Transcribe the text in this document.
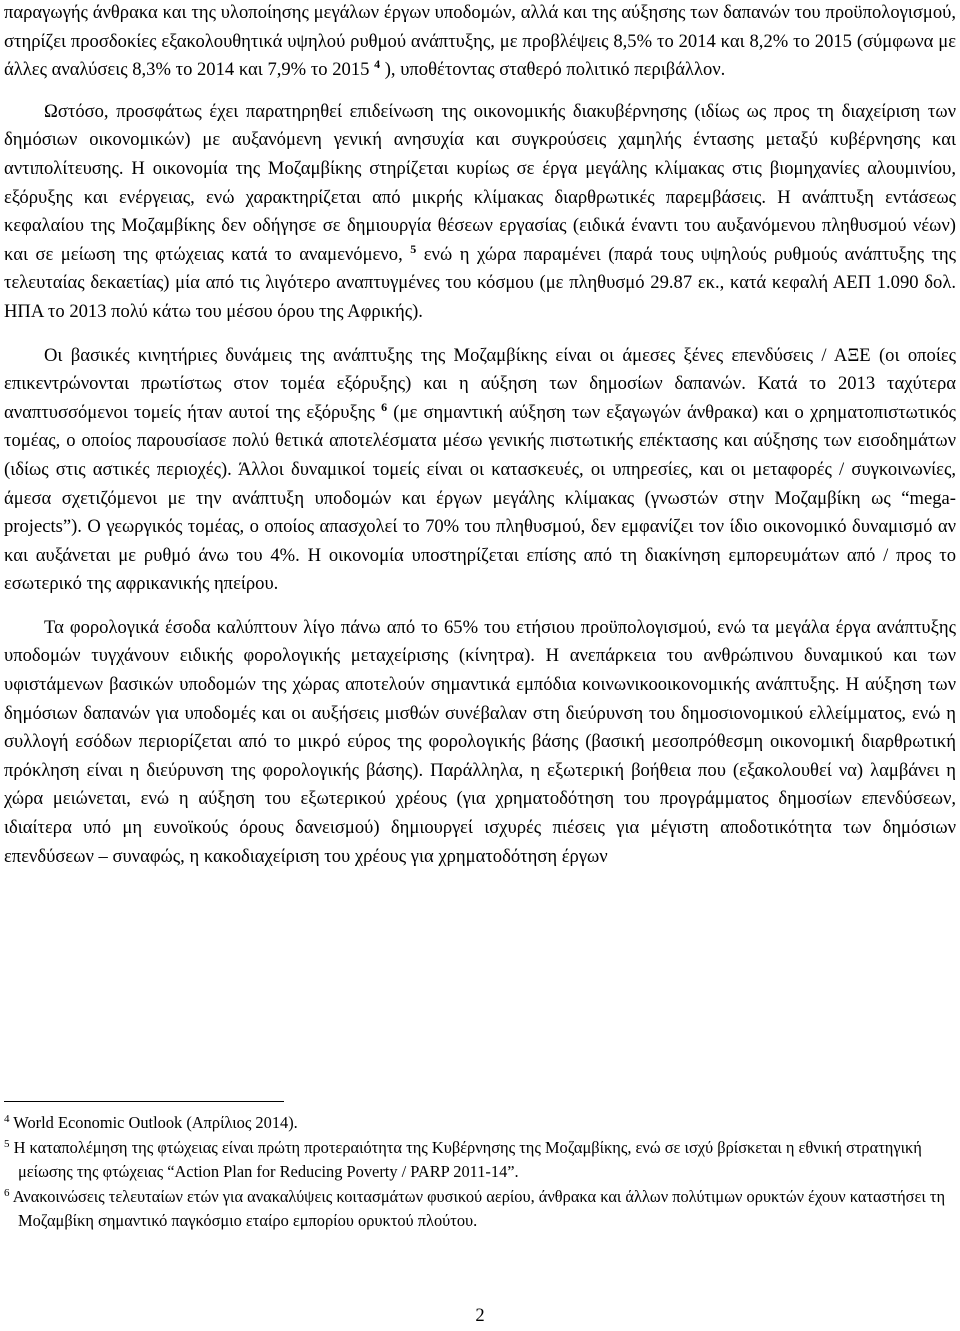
παραγωγής άνθρακα και της υλοποίησης μεγάλων έργων υποδομών, αλλά και της αύξησης των δαπανών του προϋπολογισμού, στηρίζει προσδοκίες εξακολουθητικά υψηλού ρυθμού ανάπτυξης, με προβλέψεις 8,5% το 2014 και 8,2% το 2015 (σύμφωνα με άλλες αναλύσεις 8,3% το 2014 και 7,9% το 2015 $^4$ ), υποθέτοντας σταθερό πολιτικό περιβάλλον.

Ωστόσο, προσφάτως έχει παρατηρηθεί επιδείνωση της οικονομικής διακυβέρνησης (ιδίως ως προς τη διαχείριση των δημόσιων οικονομικών) με αυξανόμενη γενική ανησυχία και συγκρούσεις χαμηλής έντασης μεταξύ κυβέρνησης και αντιπολίτευσης. Η οικονομία της Μοζαμβίκης στηρίζεται κυρίως σε έργα μεγάλης κλίμακας στις βιομηχανίες αλουμινίου, εξόρυξης και ενέργειας, ενώ χαρακτηρίζεται από μικρής κλίμακας διαρθρωτικές παρεμβάσεις. Η ανάπτυξη εντάσεως κεφαλαίου της Μοζαμβίκης δεν οδήγησε σε δημιουργία θέσεων εργασίας (ειδικά έναντι του αυξανόμενου πληθυσμού νέων) και σε μείωση της φτώχειας κατά το αναμενόμενο, $^5$ ενώ η χώρα παραμένει (παρά τους υψηλούς ρυθμούς ανάπτυξης της τελευταίας δεκαετίας) μία από τις λιγότερο αναπτυγμένες του κόσμου (με πληθυσμό 29.87 εκ., κατά κεφαλή ΑΕΠ 1.090 δολ. ΗΠΑ το 2013 πολύ κάτω του μέσου όρου της Αφρικής).

Οι βασικές κινητήριες δυνάμεις της ανάπτυξης της Μοζαμβίκης είναι οι άμεσες ξένες επενδύσεις / ΑΞΕ (οι οποίες επικεντρώνονται πρωτίστως στον τομέα εξόρυξης) και η αύξηση των δημοσίων δαπανών. Κατά το 2013 ταχύτερα αναπτυσσόμενοι τομείς ήταν αυτοί της εξόρυξης $^6$ (με σημαντική αύξηση των εξαγωγών άνθρακα) και ο χρηματοπιστωτικός τομέας, ο οποίος παρουσίασε πολύ θετικά αποτελέσματα μέσω γενικής πιστωτικής επέκτασης και αύξησης των εισοδημάτων (ιδίως στις αστικές περιοχές). Άλλοι δυναμικοί τομείς είναι οι κατασκευές, οι υπηρεσίες, και οι μεταφορές / συγκοινωνίες, άμεσα σχετιζόμενοι με την ανάπτυξη υποδομών και έργων μεγάλης κλίμακας (γνωστών στην Μοζαμβίκη ως “mega- projects”). Ο γεωργικός τομέας, ο οποίος απασχολεί το 70% του πληθυσμού, δεν εμφανίζει τον ίδιο οικονομικό δυναμισμό αν και αυξάνεται με ρυθμό άνω του 4%. Η οικονομία υποστηρίζεται επίσης από τη διακίνηση εμπορευμάτων από / προς το εσωτερικό της αφρικανικής ηπείρου.

Τα φορολογικά έσοδα καλύπτουν λίγο πάνω από το 65% του ετήσιου προϋπολογισμού, ενώ τα μεγάλα έργα ανάπτυξης υποδομών τυγχάνουν ειδικής φορολογικής μεταχείρισης (κίνητρα). Η ανεπάρκεια του ανθρώπινου δυναμικού και των υφιστάμενων βασικών υποδομών της χώρας αποτελούν σημαντικά εμπόδια κοινωνικοοικονομικής ανάπτυξης. Η αύξηση των δημόσιων δαπανών για υποδομές και οι αυξήσεις μισθών συνέβαλαν στη διεύρυνση του δημοσιονομικού ελλείμματος, ενώ η συλλογή εσόδων περιορίζεται από το μικρό εύρος της φορολογικής βάσης (βασική μεσοπρόθεσμη οικονομική διαρθρωτική πρόκληση είναι η διεύρυνση της φορολογικής βάσης). Παράλληλα, η εξωτερική βοήθεια που (εξακολουθεί να) λαμβάνει η χώρα μειώνεται, ενώ η αύξηση του εξωτερικού χρέους (για χρηματοδότηση του προγράμματος δημοσίων επενδύσεων, ιδιαίτερα υπό μη ευνοϊκούς όρους δανεισμού) δημιουργεί ισχυρές πιέσεις για μέγιστη αποδοτικότητα των δημόσιων επενδύσεων – συναφώς, η κακοδιαχείριση του χρέους για χρηματοδότηση έργων

$^4$ World Economic Outlook (Απρίλιος 2014).

$^5$ Η καταπολέμηση της φτώχειας είναι πρώτη προτεραιότητα της Κυβέρνησης της Μοζαμβίκης, ενώ σε ισχύ βρίσκεται η εθνική στρατηγική μείωσης της φτώχειας “Action Plan for Reducing Poverty / PARP 2011-14”.

$^6$ Ανακοινώσεις τελευταίων ετών για ανακαλύψεις κοιτασμάτων φυσικού αερίου, άνθρακα και άλλων πολύτιμων ορυκτών έχουν καταστήσει τη Μοζαμβίκη σημαντικό παγκόσμιο εταίρο εμπορίου ορυκτού πλούτου.

2
